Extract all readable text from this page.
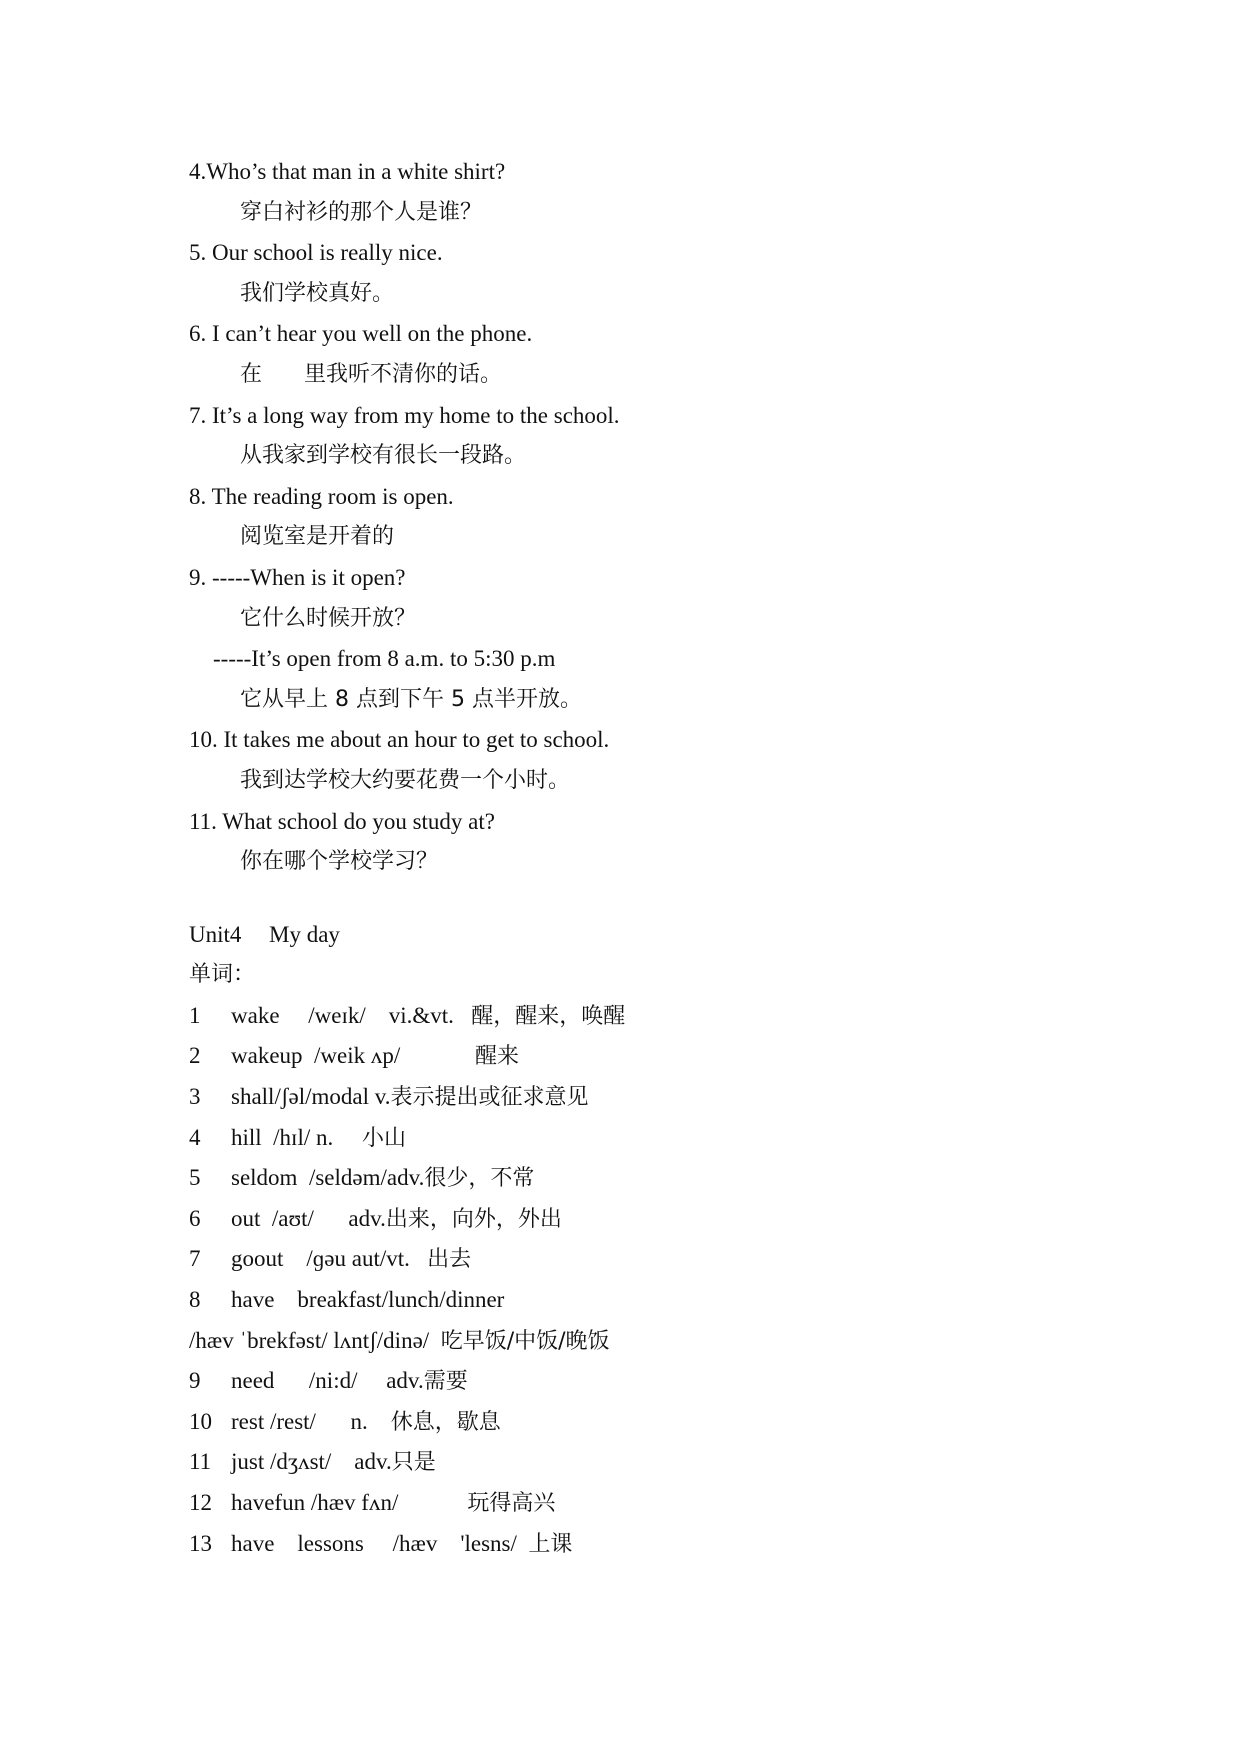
4.Who’s that man in a white shirt?
穿白衬衫的那个人是谁？
5. Our school is really nice.
我们学校真好。
6. I can’t hear you well on the phone.
在      里我听不清你的话。
7. It’s a long way from my home to the school.
从我家到学校有很长一段路。
8. The reading room is open.
阅览室是开着的
9. -----When is it open?
它什么时候开放？
-----It’s open from 8 a.m. to 5:30 p.m
它从早上 8 点到下午 5 点半开放。
10. It takes me about an hour to get to school.
我到达学校大约要花费一个小时。
11. What school do you study at?
你在哪个学校学习？
Unit4 My day
单词：
1	wake     /weɪk/    vi.&vt.   醒，醒来，唤醒
2	wakeup  /weik ʌp/             醒来
3	shall/ʃəl/modal v.表示提出或征求意见
4	hill  /hɪl/ n.     小山
5	seldom  /seldəm/adv.很少，不常
6	out  /aʊt/      adv.出来，向外，外出
7	goout    /ɡəu aut/vt.   出去
8	have    breakfast/lunch/dinner
/hæv ˈbrekfəst/ lʌntʃ/dinə/  吃早饭/中饭/晚饭
9	need      /ni:d/     adv.需要
10 rest /rest/      n.    休息，歇息
11 just /dʒʌst/    adv.只是
12 havefun /hæv fʌn/            玩得高兴
13 have    lessons     /hæv    'lesns/  上课
